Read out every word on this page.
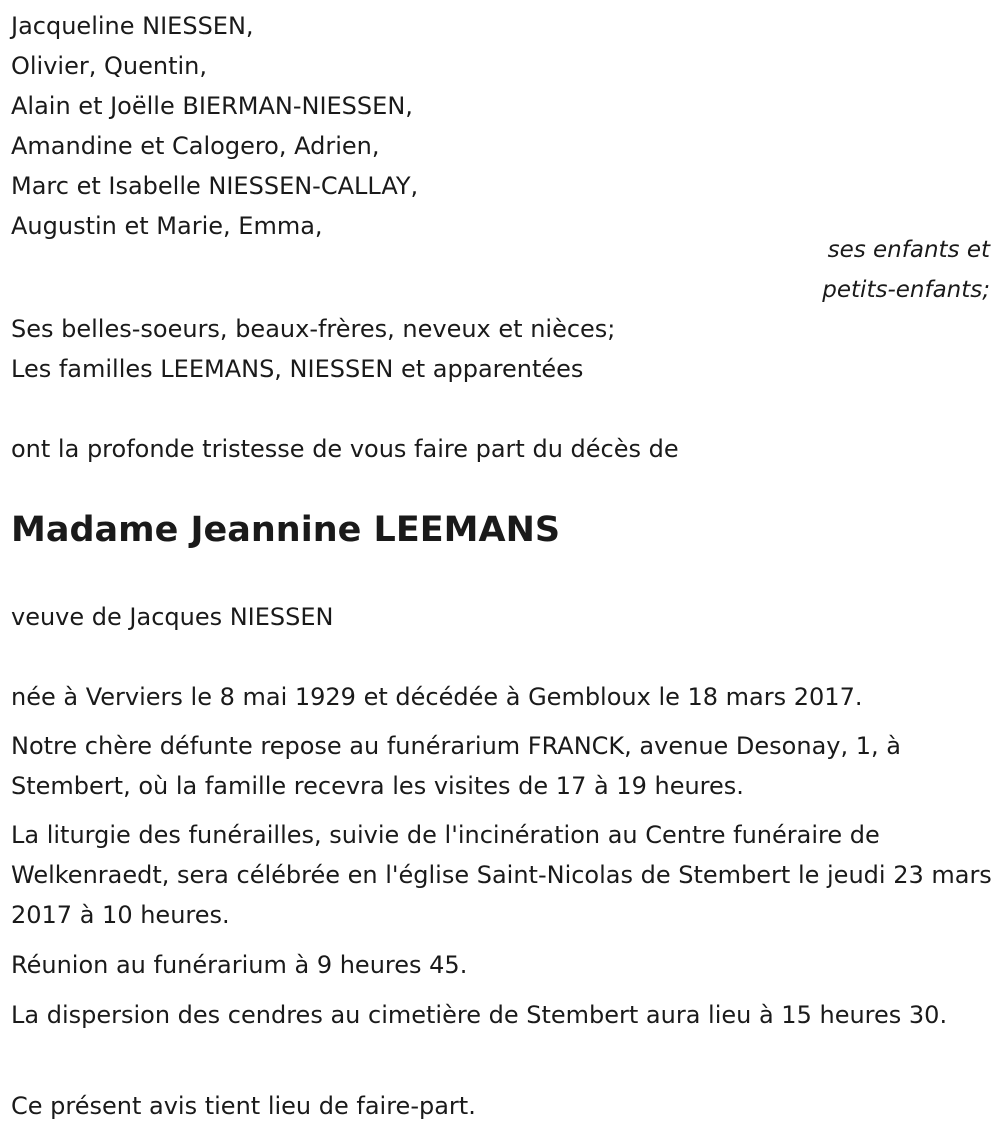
Jacqueline NIESSEN,
Olivier, Quentin,
Alain et Joëlle BIERMAN-NIESSEN,
Amandine et Calogero, Adrien,
Marc et Isabelle NIESSEN-CALLAY,
Augustin et Marie, Emma,
ses enfants et
petits-enfants;
Ses belles-soeurs, beaux-frères, neveux et nièces;
Les familles LEEMANS, NIESSEN et apparentées
ont la profonde tristesse de vous faire part du décès de
Madame Jeannine LEEMANS
veuve de Jacques NIESSEN

née à Verviers le 8 mai 1929 et décédée à Gembloux le 18 mars 2017.

Notre chère défunte repose au funérarium FRANCK, avenue Desonay, 1, à Stembert, où la famille recevra les visites de 17 à 19 heures.

La liturgie des funérailles, suivie de l'incinération au Centre funéraire de Welkenraedt, sera célébrée en l'église Saint-Nicolas de Stembert le jeudi 23 mars 2017 à 10 heures.

Réunion au funérarium à 9 heures 45.

La dispersion des cendres au cimetière de Stembert aura lieu à 15 heures 30.

Ce présent avis tient lieu de faire-part.
